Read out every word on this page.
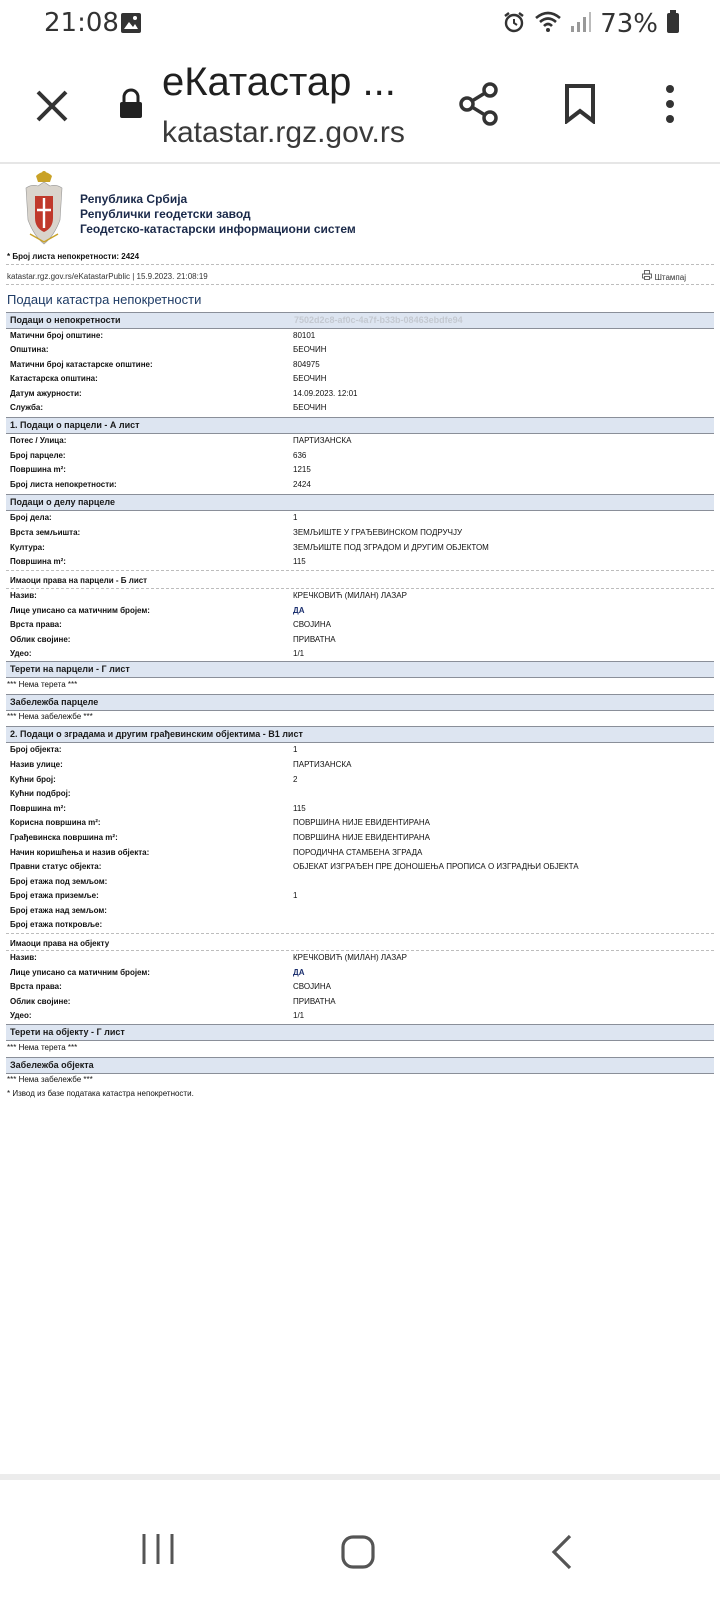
21:08	73%
eКатастар ...
katastar.rgz.gov.rs
Република Србија
Републички геодетски завод
Геодетско-катастарски информациони систем
* Број листа непокретности: 2424
katastar.rgz.gov.rs/eKatastarPublic | 15.9.2023. 21:08:19	Штампај
Подаци катастра непокретности
Подаци о непокретности	7502d2c8-af0c-4a7f-b33b-08463ebdfe94
Матични број општине:	80101
Општина:	БЕОЧИН
Матични број катастарске општине:	804975
Катастарска општина:	БЕОЧИН
Датум ажурности:	14.09.2023. 12:01
Служба:	БЕОЧИН
1. Подаци о парцели - А лист
Потес / Улица:	ПАРТИЗАНСКА
Број парцеле:	636
Површина m²:	1215
Број листа непокретности:	2424
Подаци о делу парцеле
Број дела:	1
Врста земљишта:	ЗЕМЉИШТЕ У ГРАЂЕВИНСКОМ ПОДРУЧЈУ
Култура:	ЗЕМЉИШТЕ ПОД ЗГРАДОМ И ДРУГИМ ОБЈЕКТОМ
Површина m²:	115
Имаоци права на парцели - Б лист
Назив:	КРЕЧКОВИЋ (МИЛАН) ЛАЗАР
Лице уписано са матичним бројем:	ДА
Врста права:	СВОЈИНА
Облик својине:	ПРИВАТНА
Удео:	1/1
Терети на парцели - Г лист
*** Нема терета ***
Забележба парцеле
*** Нема забележбе ***
2. Подаци о зградама и другим грађевинским објектима - В1 лист
Број објекта:	1
Назив улице:	ПАРТИЗАНСКА
Кућни број:	2
Кућни подброј:
Површина m²:	115
Корисна површина m²:	ПОВРШИНА НИЈЕ ЕВИДЕНТИРАНА
Грађевинска површина m²:	ПОВРШИНА НИЈЕ ЕВИДЕНТИРАНА
Начин коришћења и назив објекта:	ПОРОДИЧНА СТАМБЕНА ЗГРАДА
Правни статус објекта:	ОБЈЕКАТ ИЗГРАЂЕН ПРЕ ДОНОШЕЊА ПРОПИСА О ИЗГРАДЊИ ОБЈЕКТА
Број етажа под земљом:
Број етажа приземље:	1
Број етажа над земљом:
Број етажа поткровље:
Имаоци права на објекту
Назив:	КРЕЧКОВИЋ (МИЛАН) ЛАЗАР
Лице уписано са матичним бројем:	ДА
Врста права:	СВОЈИНА
Облик својине:	ПРИВАТНА
Удео:	1/1
Терети на објекту - Г лист
*** Нема терета ***
Забележба објекта
*** Нема забележбе ***
* Извод из базе података катастра непокретности.
